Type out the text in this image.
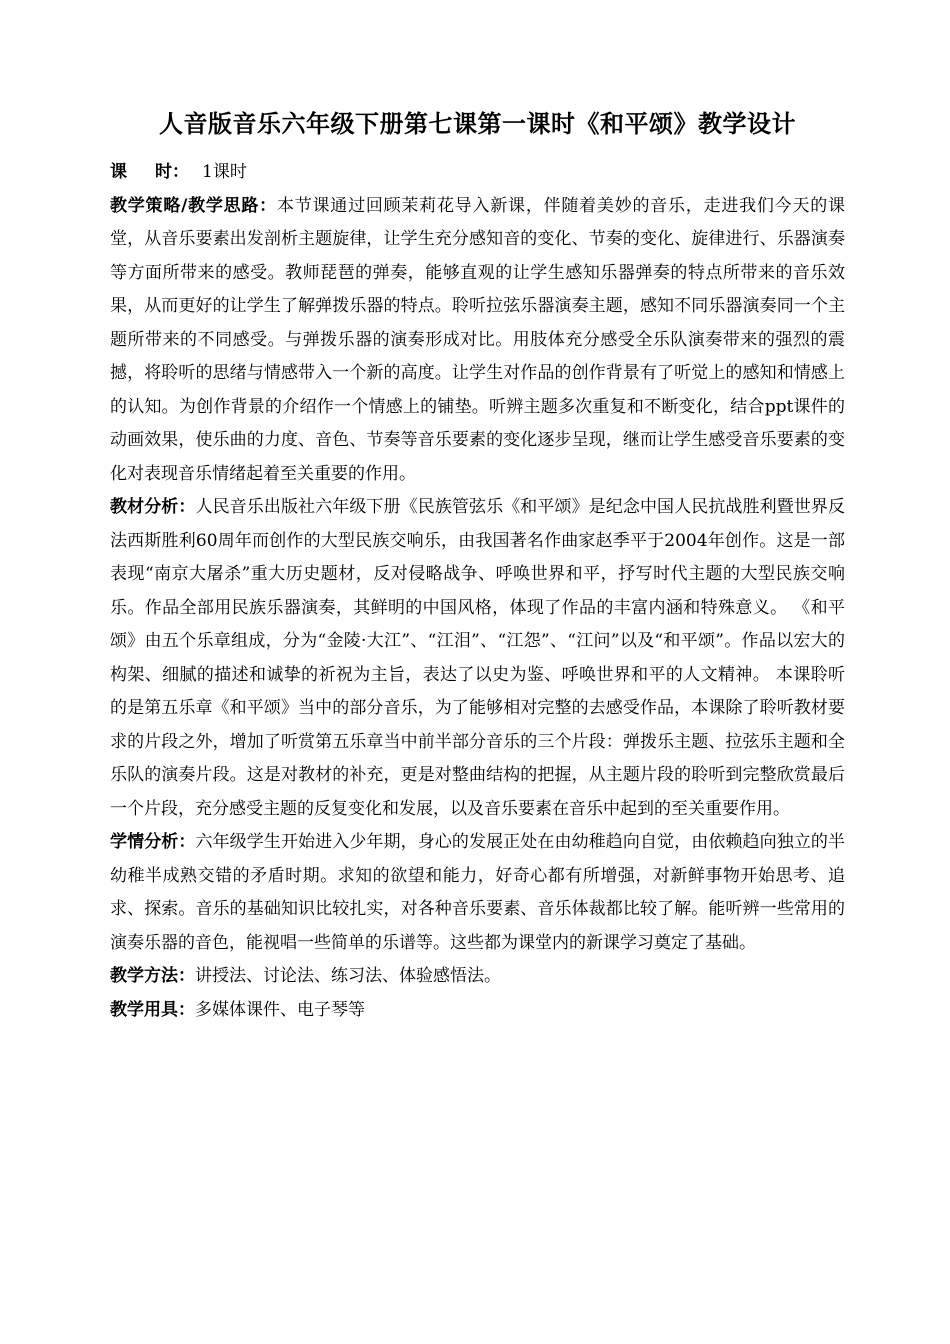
人音版音乐六年级下册第七课第一课时《和平颂》教学设计

课 时： 1课时

教学策略/教学思路：本节课通过回顾茉莉花导入新课，伴随着美妙的音乐，走进我们今天的课堂，从音乐要素出发剖析主题旋律，让学生充分感知音的变化、节奏的变化、旋律进行、乐器演奏等方面所带来的感受。教师琵琶的弹奏，能够直观的让学生感知乐器弹奏的特点所带来的音乐效果，从而更好的让学生了解弹拨乐器的特点。聆听拉弦乐器演奏主题，感知不同乐器演奏同一个主题所带来的不同感受。与弹拨乐器的演奏形成对比。用肢体充分感受全乐队演奏带来的强烈的震撼，将聆听的思绪与情感带入一个新的高度。让学生对作品的创作背景有了听觉上的感知和情感上的认知。为创作背景的介绍作一个情感上的铺垫。听辨主题多次重复和不断变化，结合ppt课件的动画效果，使乐曲的力度、音色、节奏等音乐要素的变化逐步呈现，继而让学生感受音乐要素的变化对表现音乐情绪起着至关重要的作用。

教材分析：人民音乐出版社六年级下册《民族管弦乐《和平颂》是纪念中国人民抗战胜利暨世界反法西斯胜利60周年而创作的大型民族交响乐，由我国著名作曲家赵季平于2004年创作。这是一部表现“南京大屠杀”重大历史题材，反对侵略战争、呼唤世界和平，抒写时代主题的大型民族交响乐。作品全部用民族乐器演奏，其鲜明的中国风格，体现了作品的丰富内涵和特殊意义。 《和平颂》由五个乐章组成，分为“金陵·大江”、“江泪”、“江怨”、“江问”以及“和平颂”。作品以宏大的构架、细腻的描述和诚挚的祈祝为主旨，表达了以史为鉴、呼唤世界和平的人文精神。 本课聆听的是第五乐章《和平颂》当中的部分音乐，为了能够相对完整的去感受作品，本课除了聆听教材要求的片段之外，增加了听赏第五乐章当中前半部分音乐的三个片段：弹拨乐主题、拉弦乐主题和全乐队的演奏片段。这是对教材的补充，更是对整曲结构的把握，从主题片段的聆听到完整欣赏最后一个片段，充分感受主题的反复变化和发展，以及音乐要素在音乐中起到的至关重要作用。

学情分析：六年级学生开始进入少年期，身心的发展正处在由幼稚趋向自觉，由依赖趋向独立的半幼稚半成熟交错的矛盾时期。求知的欲望和能力，好奇心都有所增强，对新鲜事物开始思考、追求、探索。音乐的基础知识比较扎实，对各种音乐要素、音乐体裁都比较了解。能听辨一些常用的演奏乐器的音色，能视唱一些简单的乐谱等。这些都为课堂内的新课学习奠定了基础。

教学方法：讲授法、讨论法、练习法、体验感悟法。

教学用具：多媒体课件、电子琴等
